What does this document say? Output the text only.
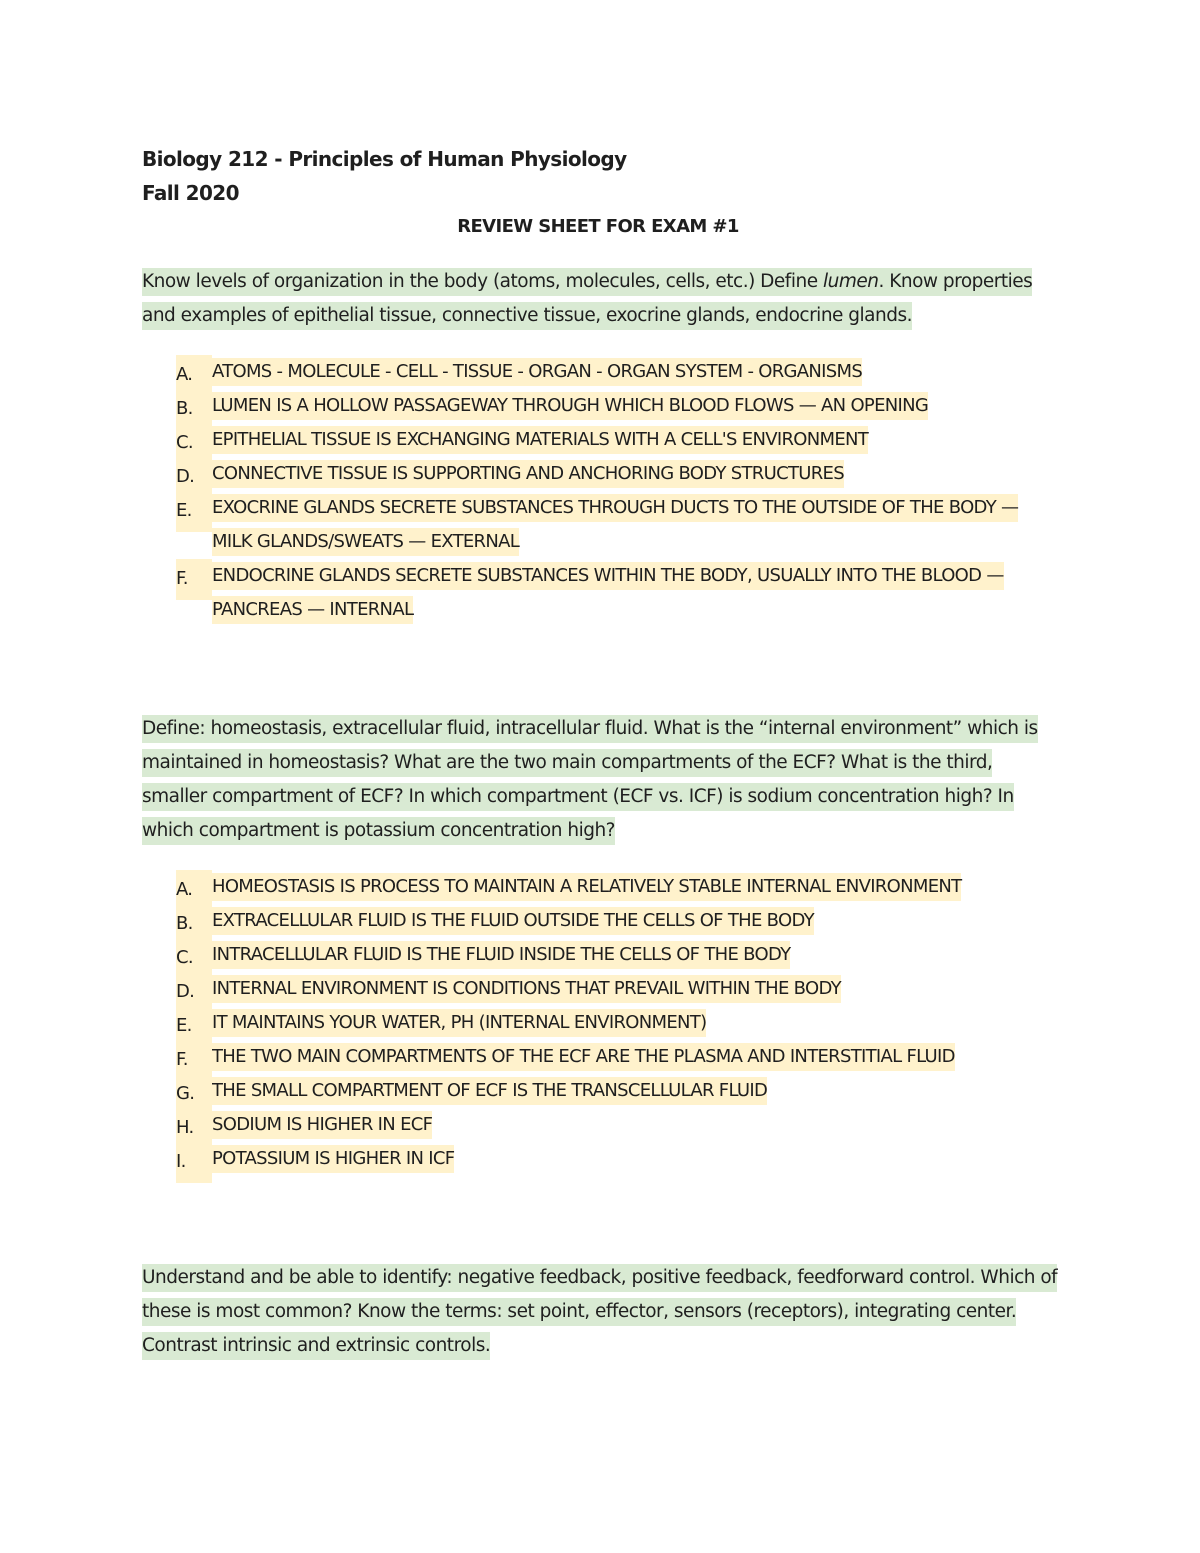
Biology 212 - Principles of Human Physiology
Fall 2020
REVIEW SHEET FOR EXAM #1

Know levels of organization in the body (atoms, molecules, cells, etc.) Define lumen. Know properties and examples of epithelial tissue, connective tissue, exocrine glands, endocrine glands.

A.	ATOMS - MOLECULE - CELL - TISSUE - ORGAN - ORGAN SYSTEM - ORGANISMS
B.	LUMEN IS A HOLLOW PASSAGEWAY THROUGH WHICH BLOOD FLOWS — AN OPENING
C.	EPITHELIAL TISSUE IS EXCHANGING MATERIALS WITH A CELL'S ENVIRONMENT
D. CONNECTIVE TISSUE IS SUPPORTING AND ANCHORING BODY STRUCTURES
E.	EXOCRINE GLANDS SECRETE SUBSTANCES THROUGH DUCTS TO THE OUTSIDE OF THE BODY — MILK GLANDS/SWEATS — EXTERNAL
F.	ENDOCRINE GLANDS SECRETE SUBSTANCES WITHIN THE BODY, USUALLY INTO THE BLOOD — PANCREAS — INTERNAL

Define: homeostasis, extracellular fluid, intracellular fluid. What is the “internal environment” which is maintained in homeostasis? What are the two main compartments of the ECF? What is the third, smaller compartment of ECF? In which compartment (ECF vs. ICF) is sodium concentration high? In which compartment is potassium concentration high?

A.	HOMEOSTASIS IS PROCESS TO MAINTAIN A RELATIVELY STABLE INTERNAL ENVIRONMENT
B.	EXTRACELLULAR FLUID IS THE FLUID OUTSIDE THE CELLS OF THE BODY
C.	INTRACELLULAR FLUID IS THE FLUID INSIDE THE CELLS OF THE BODY
D. INTERNAL ENVIRONMENT IS CONDITIONS THAT PREVAIL WITHIN THE BODY
E.	IT MAINTAINS YOUR WATER, PH (INTERNAL ENVIRONMENT)
F.	THE TWO MAIN COMPARTMENTS OF THE ECF ARE THE PLASMA AND INTERSTITIAL FLUID
G. THE SMALL COMPARTMENT OF ECF IS THE TRANSCELLULAR FLUID
H.	SODIUM IS HIGHER IN ECF
I.	POTASSIUM IS HIGHER IN ICF

Understand and be able to identify: negative feedback, positive feedback, feedforward control. Which of these is most common? Know the terms: set point, effector, sensors (receptors), integrating center. Contrast intrinsic and extrinsic controls.
